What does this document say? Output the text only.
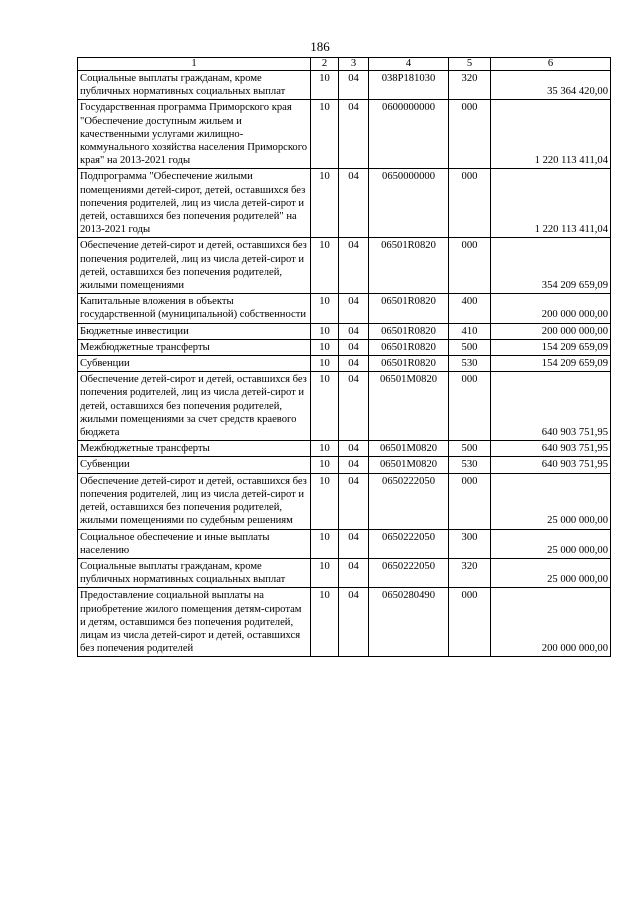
186
1	2	3	4	5	6
Социальные выплаты гражданам, кроме публичных нормативных социальных выплат	10	04	038P181030	320	35 364 420,00
Государственная программа Приморского края "Обеспечение доступным жильем и качественными услугами жилищно-коммунального хозяйства населения Приморского края" на 2013-2021 годы	10	04	0600000000	000	1 220 113 411,04
Подпрограмма "Обеспечение жилыми помещениями детей-сирот, детей, оставшихся без попечения родителей, лиц из числа детей-сирот и детей, оставшихся без попечения родителей" на 2013-2021 годы	10	04	0650000000	000	1 220 113 411,04
Обеспечение детей-сирот и детей, оставшихся без попечения родителей, лиц из числа детей-сирот и детей, оставшихся без попечения родителей, жилыми помещениями	10	04	06501R0820	000	354 209 659,09
Капитальные вложения в объекты государственной (муниципальной) собственности	10	04	06501R0820	400	200 000 000,00
Бюджетные инвестиции	10	04	06501R0820	410	200 000 000,00
Межбюджетные трансферты	10	04	06501R0820	500	154 209 659,09
Субвенции	10	04	06501R0820	530	154 209 659,09
Обеспечение детей-сирот и детей, оставшихся без попечения родителей, лиц из числа детей-сирот и детей, оставшихся без попечения родителей, жилыми помещениями за счет средств краевого бюджета	10	04	06501M0820	000	640 903 751,95
Межбюджетные трансферты	10	04	06501M0820	500	640 903 751,95
Субвенции	10	04	06501M0820	530	640 903 751,95
Обеспечение детей-сирот и детей, оставшихся без попечения родителей, лиц из числа детей-сирот и детей, оставшихся без попечения родителей, жилыми помещениями по судебным решениям	10	04	0650222050	000	25 000 000,00
Социальное обеспечение и иные выплаты населению	10	04	0650222050	300	25 000 000,00
Социальные выплаты гражданам, кроме публичных нормативных социальных выплат	10	04	0650222050	320	25 000 000,00
Предоставление социальной выплаты на приобретение жилого помещения детям-сиротам и детям, оставшимся без попечения родителей, лицам из числа детей-сирот и детей, оставшихся без попечения родителей	10	04	0650280490	000	200 000 000,00
